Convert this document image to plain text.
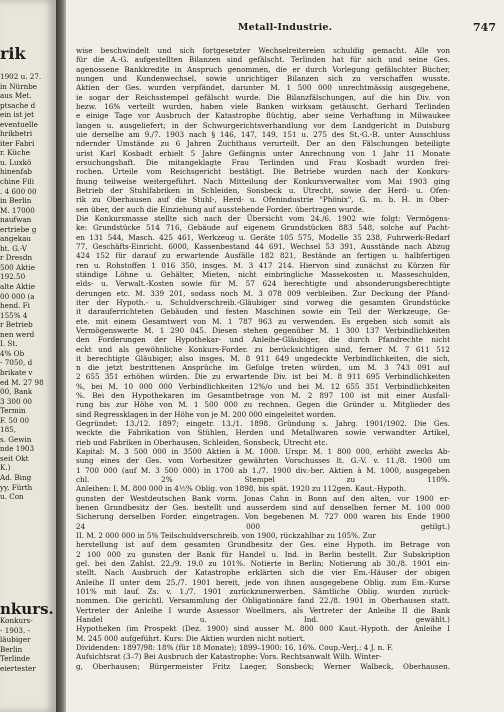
rik
1902 u. 27.
in Nürnbe
aus Met.
ptsache d
ein ist jet
eventuelle
hrikbetri
iter Fabri
r. Küche
u. Luxkö
hinenfab
chine Fili
. 4 600 00
in Berlin
M. 17000
naufwan
ertriebe g
angekau
ht. G.-V
r Dresdn
500 Aktie
192.50
alte Aktie
00 000 (a
hend. Fi
155% 4
r Betrieb
nen werd
I. St.
4% Ob
- 7050, d
brikate v
ed M. 27 98
00, Bank
3 300 00
Termin
F. 50 00
185,
s. Gewin
nde 1903
seit Okt
K.)
Ad. Bing
yy, Fürth
u. Con
nkurs.
Konkurs-
- 1903. -
läubiger
Berlin
Terlinde
eiertester
Metall-Industrie.	747
wise beschwindelt und sich fortgesetzter Wechselreitereien schuldig gemacht. Alle von
für die A.-G. aufgestellten Bilanzen sind gefälscht. Terlinden hat für sich und seine Ges.
agenossene Bankkredite in Anspruch genommen, die er durch Vorlegung gefälschter Bücher,
nungen und Kundenwechsel, sowie unrichtiger Bilanzen sich zu verschaffen wusste.
Aktien der Ges. wurden verpfändet, darunter M. 1 500 000 unrechtmässig ausgegebene,
ie sogar der Reichsstempel gefälscht wurde. Die Bilanzfälschungen, auf die hin Div. von
bezw. 16% verteilt wurden, haben viele Banken wirksam getäuscht. Gerhard Terlinden
e einige Tage vor Ausbruch der Katastrophe flüchtig, aber seine Verhaftung in Milwaukee
langen u. ausgeliefert; in der Schwurgerichtsverhandlung vor dem Landgericht in Duisburg
uie derselbe am 9./7. 1903 nach § 146, 147, 149, 151 u. 275 des St.-G.-B. unter Ausschluss
ndernder Umstände zu 6 Jahren Zuchthaus verurteilt. Der an den Fälschungen beteiligte
urist Karl Kosbadt erhielt 5 Jahre Gefängnis unter Anrechnung von 1 Jahr 11 Monate
ersuchungshaft. Die mitangeklagte Frau Terlinden und Frau Kosbadt wurden frei-
rochen. Urteile vom Reichsgericht bestätigt. Die Betriebe wurden nach der Konkurs-
fnung teilweise weitergeführt. Nach Mitteilung der Konkursverwalter vom Mai 1903 ging
Betrieb der Stuhlfabriken in Schleiden, Sonsbeck u. Utrecht, sowie der Herd- u. Ofen-
rik zu Oberhausen auf die Stuhl-, Herd- u. Ofenindustrie "Phönix", G. m. b. H. in Ober-
sen über, der auch die Einziehung auf ausstehende Forder. übertragen wurde.
Die Konkursmasse stellte sich nach der Übersicht vom 24./6. 1902 wie folgt: Vermögens-
ke: Grundstücke 514 716, Gebäude auf eigenem Grundstücken 883 548, solche auf Pacht-
en 131 544, Masch. 425 461, Werkzeug u. Geräte 105 575, Modelle 35 238, Fuhrwerk-Bedarf
77, Geschäfts-Einricht. 6000, Kassenbestand 44 691, Wechsel 53 391, Ausstände nach Abzug
424 152 für darauf zu erwartende Ausfälle 182 821, Bestände an fertigen u. halbfertigen
ren u. Rohstoffen 1 016 350, insges. M. 3 417 214. Hiervon sind zunächst zu Kürzen für
ständige Löhne u. Gehälter, Mieten, nicht einbringliche Massekosten u. Masseschulden,
elds- u. Verwalt.-Kosten sowie für M. 57 624 berechtigte und absonderungsberechtigte
derungen etc. M. 339 201, sodass noch M. 3 078 009 verbleiben. Zur Deckung der Pfand-
iter der Hypoth.- u. Schuldverschreib.-Gläubiger sind vorweg die gesamten Grundstücke
it darauferrichteten Gebäuden und festen Maschinen sowie ein Teil der Werkzeuge, Ge-
ete. mit einem Gesamtwert von M. 1 787 963 zu verwenden. Es ergeben sich somit als
Vermögenswerte M. 1 290 045. Diesen stehen gegenüber M. 1 300 137 Verbindlichkeiten
den Forderungen der Hypothekar- und Anleihe-Gläubiger, die durch Pfandrechte nicht
eckt und als gewöhnliche Konkurs-Forder. zu berücksichtigen sind, ferner M. 7 611 512
it berechtigte Gläubiger, also insges. M. 8 911 649 ungedeckte Verbindlichkeiten, die sich,
n die jetzt bestrittenen Ansprüche im Gefolge treten würden, um M. 3 743 091 auf
2 655 351 erhöhen würden. Die zu erwartende Div. ist bei M. 8 911 695 Verbindlichkeiten
%, bei M. 10 000 000 Verbindlichkeiten 12%/o und bei M. 12 655 351 Verbindlichkeiten
%. Bei den Hypothekaren im Gesamtbetrage von M. 2 897 100 ist mit einer Ausfall-
rung bis zur Höhe von M. 1 500 000 zu rechnen. Gegen die Gründer u. Mitglieder des
sind Regressklagen in der Höhe von je M. 200 000 eingeleitet worden.
Gegründet: 13./12. 1897; eingetr. 13./1. 1898. Gründung s. Jahrg. 1901/1902. Die Ges.
weckte die Fabrikation von Stühlen, Herden und Metallwaren sowie verwandter Artikel,
rieb und Fabriken in Oberhausen, Schleiden, Sonsbeck, Utrecht etc.
Kapital: M. 3 500 000 in 3500 Aktien à M. 1000. Urspr. M. 1 800 000, erhöht zwecks Ab-
sung eines der Ges. vom Vorbesitzer gewährten Vorschusses lt. G.-V. v. 11./8. 1900 um
1 700 000 (auf M. 3 500 000) in 1700 ab 1./7. 1900 div.-ber. Aktien à M. 1000, ausgegeben
chl. 2% Stempel zu 110%.
Anleihen: I. M. 800 000 in 4½% Oblig. von 1898, bis spät. 1920 zu 112gen. Kaut.-Hypoth.
gunsten der Westdeutschen Bank vorm. Jonas Cahn in Bonn auf den alten, vor 1900 er-
benen Grundbesitz der Ges. bestellt und ausserdem sind auf denselben ferner M. 100 000
Sicherung derselben Forder. eingetragen. Von begebenen M. 727 000 waren bis Ende 1900
24 000 getilgt.)
II. M. 2 000 000 in 5% Teilschuldverschreib. von 1900, rückzahlbar zu 105%. Zur
herstellung ist auf dem gesamten Grundbesitz der Ges. eine Hypoth. im Betrage von
2 100 000 zu gunsten der Bank für Handel u. Ind. in Berlin bestellt. Zur Subskription
gel. bei den Zahlst. 22./9. 19.0 zu 101%. Notierte in Berlin; Notierung ab 30./8. 1901 ein-
stellt. Nach Ausbruch der Katastrophe erklärten sich die vier Em.-Häuser der obigen
Anleihe II unter dem 25./7. 1901 bereit, jede von ihnen ausgegebene Oblig. zum Em.-Kurse
101% mit lauf. Zs. v. 1./7. 1901 zurückzunerwerben. Sämtliche Oblig. wurden zurück-
nommen. Die gerichtl. Versammlung der Obligationäre fand 22./8. 1901 in Oberhausen statt.
Vertreter der Anleihe I wurde Assessor Woellmers, als Vertreter der Anleihe II die Bank
Handel u. Ind. gewählt.)
Hypotheken (im Prospekt (Dez. 1900) sind ausser M. 800 000 Kaut.-Hypoth. der Anleihe I
M. 245 000 aufgeführt. Kurs: Die Aktien wurden nicht notiert.
Dividenden: 1897/98: 18% (für 18 Monate); 1899–1900: 16, 16%. Coup.-Verj.: 4 J. n. F.
Aufsichtsrat (3–7) Bei Ausbruch der Katastrophe: Vors. Rechtsanwalt Wilh. Winter-
g, Oberhausen; Bürgermeister Fritz Laeger, Sonsbeck; Werner Walbeck, Oberhausen.
